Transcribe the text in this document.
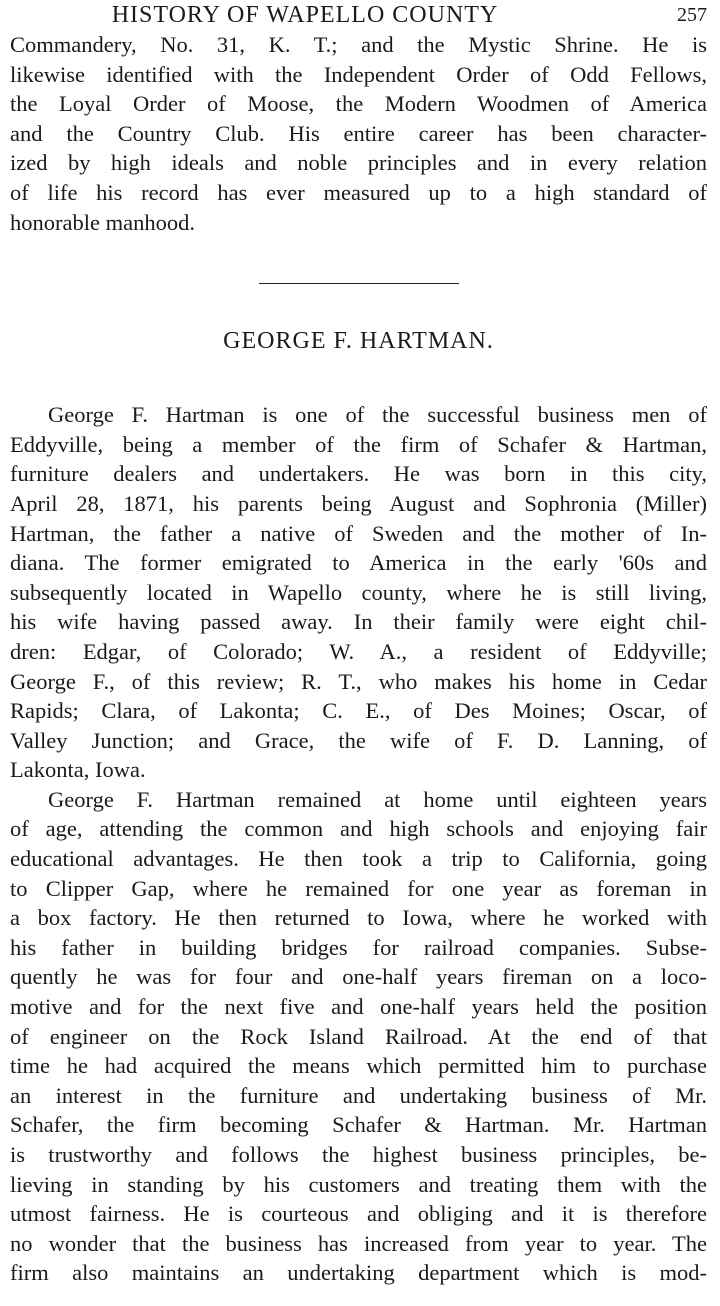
HISTORY OF WAPELLO COUNTY	257
Commandery, No. 31, K. T.; and the Mystic Shrine. He is
likewise identified with the Independent Order of Odd Fellows,
the Loyal Order of Moose, the Modern Woodmen of America
and the Country Club. His entire career has been character-
ized by high ideals and noble principles and in every relation
of life his record has ever measured up to a high standard of
honorable manhood.
GEORGE F. HARTMAN.
George F. Hartman is one of the successful business men of
Eddyville, being a member of the firm of Schafer & Hartman,
furniture dealers and undertakers. He was born in this city,
April 28, 1871, his parents being August and Sophronia (Miller)
Hartman, the father a native of Sweden and the mother of In-
diana. The former emigrated to America in the early '60s and
subsequently located in Wapello county, where he is still living,
his wife having passed away. In their family were eight chil-
dren: Edgar, of Colorado; W. A., a resident of Eddyville;
George F., of this review; R. T., who makes his home in Cedar
Rapids; Clara, of Lakonta; C. E., of Des Moines; Oscar, of
Valley Junction; and Grace, the wife of F. D. Lanning, of
Lakonta, Iowa.
George F. Hartman remained at home until eighteen years
of age, attending the common and high schools and enjoying fair
educational advantages. He then took a trip to California, going
to Clipper Gap, where he remained for one year as foreman in
a box factory. He then returned to Iowa, where he worked with
his father in building bridges for railroad companies. Subse-
quently he was for four and one-half years fireman on a loco-
motive and for the next five and one-half years held the position
of engineer on the Rock Island Railroad. At the end of that
time he had acquired the means which permitted him to purchase
an interest in the furniture and undertaking business of Mr.
Schafer, the firm becoming Schafer & Hartman. Mr. Hartman
is trustworthy and follows the highest business principles, be-
lieving in standing by his customers and treating them with the
utmost fairness. He is courteous and obliging and it is therefore
no wonder that the business has increased from year to year. The
firm also maintains an undertaking department which is mod-
